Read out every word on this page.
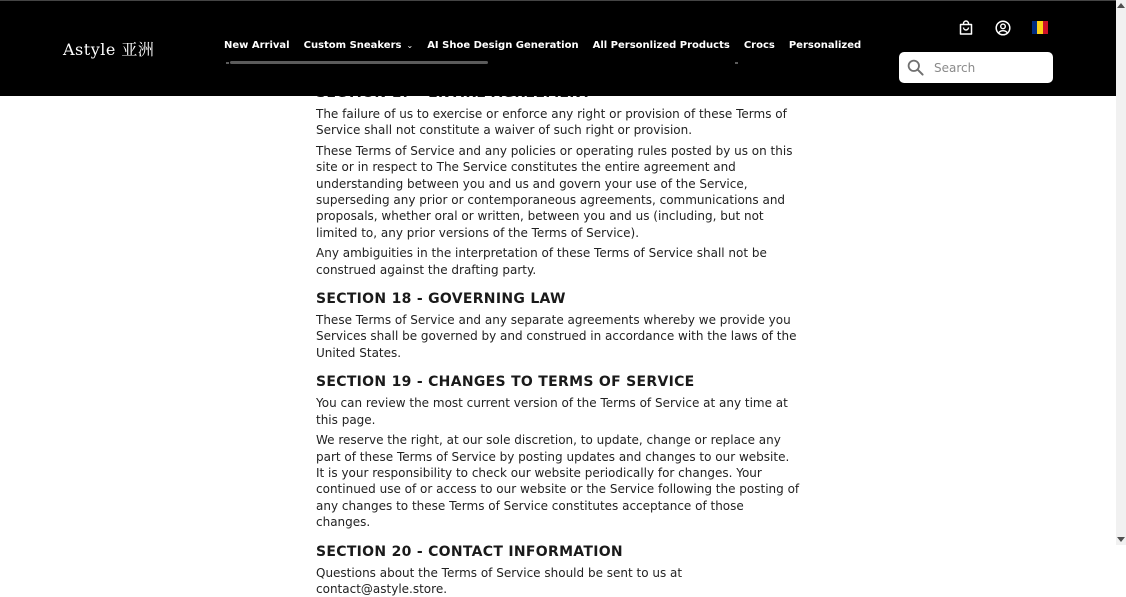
The failure of us to exercise or enforce any right or provision of these Terms of Service shall not constitute a waiver of such right or provision.

These Terms of Service and any policies or operating rules posted by us on this site or in respect to The Service constitutes the entire agreement and understanding between you and us and govern your use of the Service, superseding any prior or contemporaneous agreements, communications and proposals, whether oral or written, between you and us (including, but not limited to, any prior versions of the Terms of Service).

Any ambiguities in the interpretation of these Terms of Service shall not be construed against the drafting party.

SECTION 18 - GOVERNING LAW

These Terms of Service and any separate agreements whereby we provide you Services shall be governed by and construed in accordance with the laws of the United States.

SECTION 19 - CHANGES TO TERMS OF SERVICE

You can review the most current version of the Terms of Service at any time at this page.

We reserve the right, at our sole discretion, to update, change or replace any part of these Terms of Service by posting updates and changes to our website. It is your responsibility to check our website periodically for changes. Your continued use of or access to our website or the Service following the posting of any changes to these Terms of Service constitutes acceptance of those changes.

SECTION 20 - CONTACT INFORMATION

Questions about the Terms of Service should be sent to us at contact@astyle.store.

Astyle 亚洲	New Arrival Custom Sneakers ⌄ AI Shoe Design Generation All Personlized Products Crocs Personalized
Search
